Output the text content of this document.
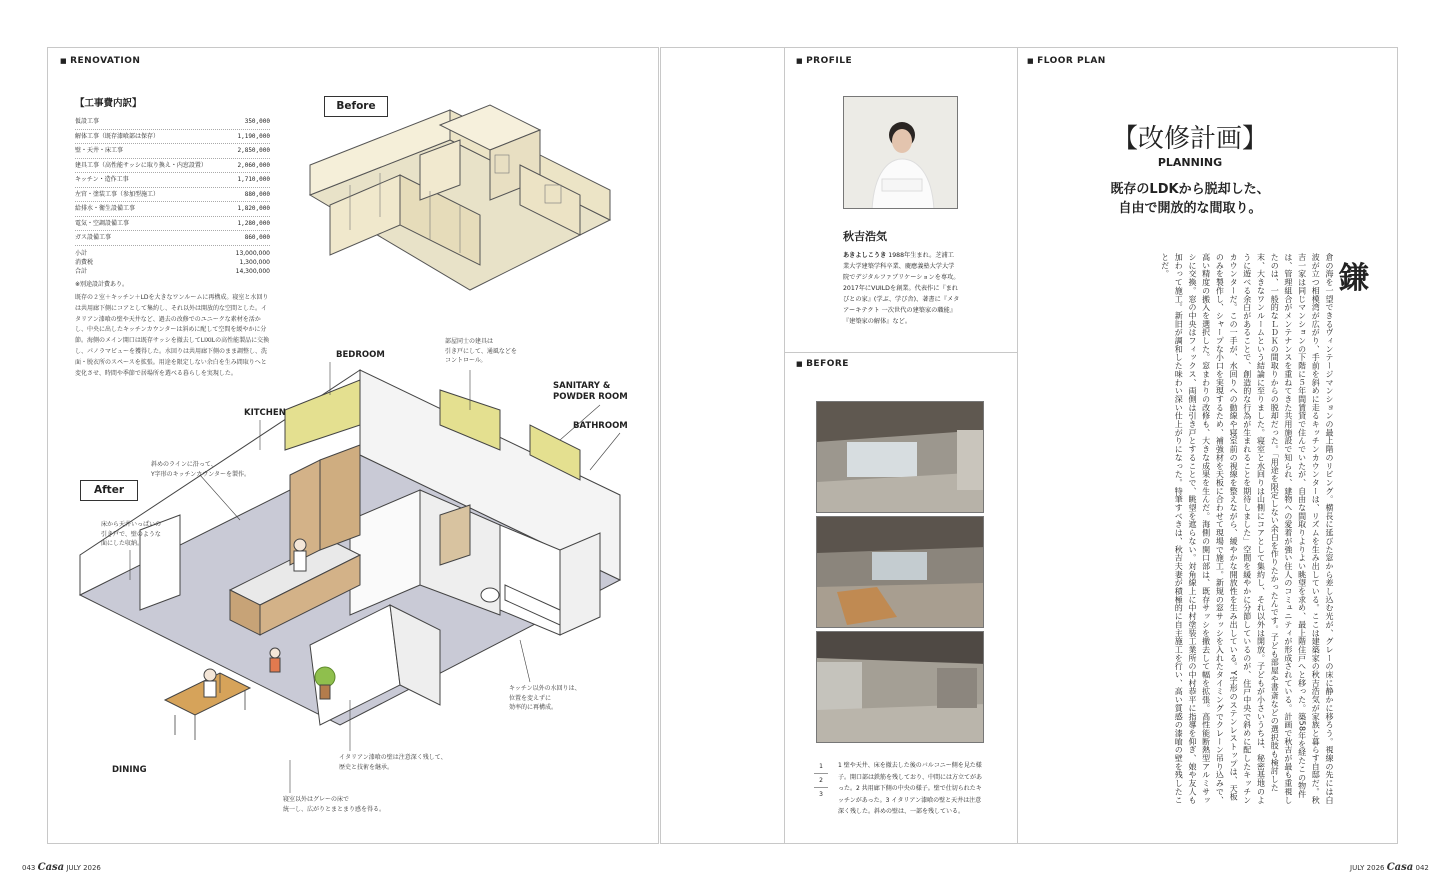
■ RENOVATION
【工事費内訳】
仮設工事	350,000
解体工事（既存漆喰部は保存）	1,190,000
壁・天井・床工事	2,850,000
建具工事（高性能サッシに取り換え・内窓設置）	2,060,000
キッチン・造作工事	1,710,000
左官・塗装工事（参加型施工）	880,000
給排水・衛生設備工事	1,820,000
電気・空調設備工事	1,280,000
ガス設備工事	860,000
小計	13,000,000
消費税	1,300,000
合計	14,300,000
※別途設計費あり。
既存の２室＋キッチン＋LDを大きなワンルームに再構成。寝室と水回りは共用廊下側にコアとして集約し、それ以外は開放的な空間とした。イタリアン漆喰の壁や天井など、過去の改修でのユニークな素材を活かし、中央に出したキッチンカウンターは斜めに配して空間を緩やかに分節。海側のメイン開口は既存サッシを撤去してLIXILの高性能製品に交換し、パノラマビューを獲得した。水回りは共用廊下側のまま調整し、洗面・脱衣所のスペースを拡張。用途を限定しない余白を生み間取りへと変化させ、時間や季節で居場所を選べる暮らしを実現した。
Before
After
BEDROOM
KITCHEN
SANITARY &
POWDER ROOM
BATHROOM
DINING
部屋同士の建具は
引き戸にして、通風などを
コントロール。
斜めのラインに沿って、
Y字形のキッチンカウンターを製作。
床から天井いっぱいの
引き戸で、壁のような
面にした収納。
キッチン以外の水回りは、
位置を変えずに
効率的に再構成。
イタリアン漆喰の壁は注意深く残して、
歴史と技術を継承。
寝室以外はグレーの床で
統一し、広がりとまとまり感を得る。
043 Casa JULY 2026
■ PROFILE
■ BEFORE
■ FLOOR PLAN
秋吉浩気
あきよしこうき 1988年生まれ。芝浦工業大学建築学科卒業、慶應義塾大学大学院でデジタルファブリケーションを専攻。2017年にVUILDを創業。代表作に『まれびとの家』(学ぶ、学び舎)、著書に『メタアーキテクト 一次世代の建築家の職能』『建築家の解体』など。
1
2
3
1 壁や天井、床を撤去した後のバルコニー側を見た様子。開口部は鉄筋を残しており、中間には方立てがあった。2 共用廊下側の中央の様子。壁で仕切られたキッチンがあった。3 イタリアン漆喰の壁と天井は注意深く残した。斜めの壁は、一部を残している。
【改修計画】
PLANNING
既存のLDKから脱却した、
自由で開放的な間取り。
鎌
倉の海を一望できるヴィンテージマンションの最上階のリビング。横長に延びた窓から差し込む光が、グレーの床に静かに移ろう。視線の先には白波が立つ相模湾が広がり、手前を斜めに走るキッチンカウンターは、リズムを生み出している。ここは建築家の秋吉浩気が家族と暮らす自邸だ。秋吉一家は同じマンションの下階に５年間賃貸で住んでいたが、自由な間取りよりよい眺望を求め、最上階住戸へと移った。築58年を経たこの物件は、管理組合がメンテナンスを重ねてきた共用施設で知られ、建物への愛着が強い住人のコミュニティが形成されている。計画で秋吉が最も重視したのは、一般的なＬＤＫの間取りからの脱却だった。「用途を限定しない余白を作りたかったんです。子ども部屋や書斎などの選択肢も検討した末、大きなワンルームという結論に至りました。寝室と水回りは山側にコアとして集約し、それ以外は開放。子どもが小さいうちは、秘密基地のように遊べる余白があることで、創造的な行為が生まれることを期待しました」空間を緩やかに分節しているのが、住戸中央で斜めに配したキッチンカウンターだ。この一手が、水回りへの動線や寝室前の視線を整えながら、緩やかな開放性を生み出している。Y字形のステンレストップは、天板のみを製作し、シャープな小口を実現するため、補強材を天板に合わせて現場で施工。新規の窓サッシを入れたタイミングでクレーン吊り込みで、高い精度の搬入を選択した。窓まわりの改修も、大きな成果を生んだ。海側の開口部は、既存サッシを撤去して幅を拡張。高性能断熱型アルミサッシに交換。窓の中央はフィックス、両側は引き戸とすることで、眺望を遮らない。対角線上に中村塗装工業所の中村恭平に指導を仰ぎ、娘や友人も加わって施工。新旧が調和した味わい深い仕上がりになった。特筆すべきは、秋吉夫妻が積極的に自主施工を行い、高い質感の漆喰の壁を残したことだ。
JULY 2026 Casa 042
